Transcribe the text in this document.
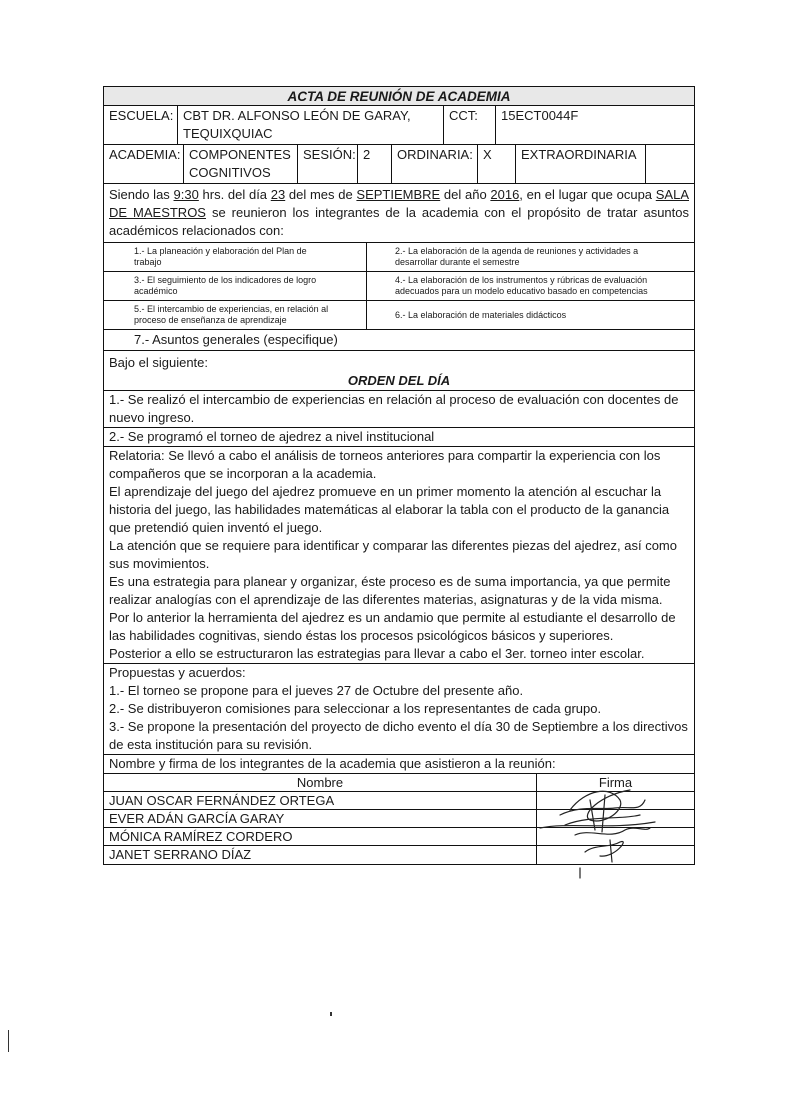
ACTA DE REUNIÓN DE ACADEMIA
ESCUELA: CBT DR. ALFONSO LEÓN DE GARAY, TEQUIXQUIAC
CCT:	15ECT0044F
ACADEMIA: COMPONENTES COGNITIVOS
SESIÓN: 2	ORDINARIA: X	EXTRAORDINARIA
Siendo las 9:30 hrs. del día 23 del mes de SEPTIEMBRE del año 2016, en el lugar que ocupa SALA DE MAESTROS se reunieron los integrantes de la academia con el propósito de tratar asuntos académicos relacionados con:
1.- La planeación y elaboración del Plan de trabajo
2.- La elaboración de la agenda de reuniones y actividades a desarrollar durante el semestre
3.- El seguimiento de los indicadores de logro académico
4.- La elaboración de los instrumentos y rúbricas de evaluación adecuados para un modelo educativo basado en competencias
5.- El intercambio de experiencias, en relación al proceso de enseñanza de aprendizaje
6.- La elaboración de materiales didácticos
7.- Asuntos generales (especifique)

Bajo el siguiente:

ORDEN DEL DÍA

1.- Se realizó el intercambio de experiencias en relación al proceso de evaluación con docentes de nuevo ingreso.

2.- Se programó el torneo de ajedrez a nivel institucional

Relatoria: Se llevó a cabo el análisis de torneos anteriores para compartir la experiencia con los compañeros que se incorporan a la academia.

El aprendizaje del juego del ajedrez promueve en un primer momento la atención al escuchar la historia del juego, las habilidades matemáticas al elaborar la tabla con el producto de la ganancia que pretendió quien inventó el juego.

La atención que se requiere para identificar y comparar las diferentes piezas del ajedrez, así como sus movimientos.

Es una estrategia para planear y organizar, éste proceso es de suma importancia, ya que permite realizar analogías con el aprendizaje de las diferentes materias, asignaturas y de la vida misma.

Por lo anterior la herramienta del ajedrez es un andamio que permite al estudiante el desarrollo de las habilidades cognitivas, siendo éstas los procesos psicológicos básicos y superiores.

Posterior a ello se estructuraron las estrategias para llevar a cabo el 3er. torneo inter escolar.

Propuestas y acuerdos:

1.- El torneo se propone para el jueves 27 de Octubre del presente año.

2.- Se distribuyeron comisiones para seleccionar a los representantes de cada grupo.

3.- Se propone la presentación del proyecto de dicho evento el día 30 de Septiembre a los directivos de esta institución para su revisión.

Nombre y firma de los integrantes de la academia que asistieron a la reunión:

Nombre	Firma
JUAN OSCAR FERNÁNDEZ ORTEGA
EVER ADÁN GARCÍA GARAY
MÓNICA RAMÍREZ CORDERO
JANET SERRANO DÍAZ
